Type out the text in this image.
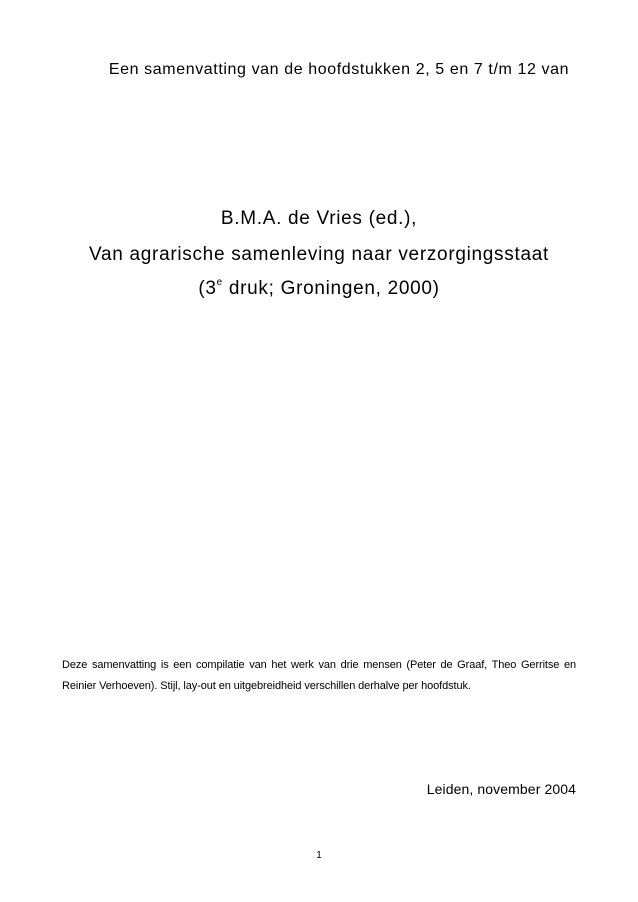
Een samenvatting van de hoofdstukken 2, 5 en 7 t/m 12 van
B.M.A. de Vries (ed.),
Van agrarische samenleving naar verzorgingsstaat
(3e druk; Groningen, 2000)
Deze samenvatting is een compilatie van het werk van drie mensen (Peter de Graaf, Theo Gerritse en Reinier Verhoeven). Stijl, lay-out en uitgebreidheid verschillen derhalve per hoofdstuk.
Leiden, november 2004
1
